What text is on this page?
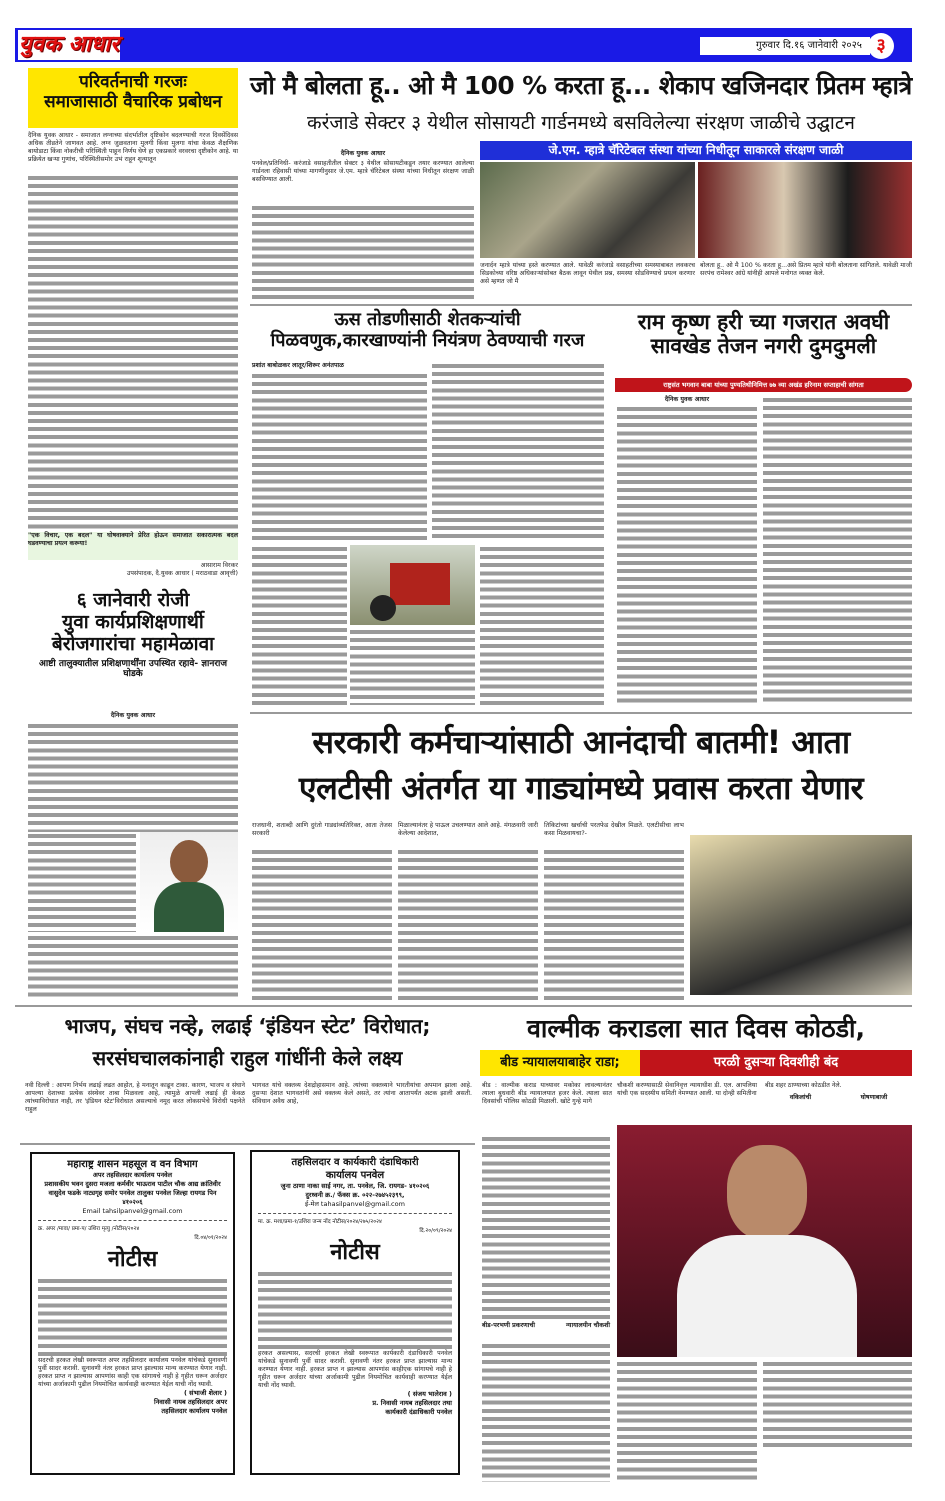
युवक आधार	गुरुवार दि.१६ जानेवारी २०२५ ३
परिवर्तनाची गरजः
समाजासाठी वैचारिक प्रबोधन
दैनिक युवक आधार - समाजात लग्नाच्या संदर्भातील दृष्टिकोन बदलण्याची गरज दिवसेंदिवस अधिक तीव्रतेने जाणवत आहे. लग्न जुळवताना मुलगी किंवा मुलगा यांचा केवळ शैक्षणिक बायोडाटा किंवा नोकरीची परिस्थिती पाहून निर्णय घेणे हा एकप्रकारे वरवरचा दृष्टीकोन आहे. या प्रक्रियेत खऱ्या गुणांच, परिस्थितीसमोर उभं राहून शून्यातून
"एक विचार, एक बदल" या घोषवाक्याने प्रेरित होऊन समाजात सकारात्मक बदल घडवण्याचा प्रयत्न करूया!
आसाराम विरकर
उपसंपादक, दै.युवक आधार ( मराठवाडा आवृत्ती)
६ जानेवारी रोजी
युवा कार्यप्रशिक्षणार्थी
बेरोजगारांचा महामेळावा
आष्टी तालुक्यातील प्रशिक्षणार्थींना उपस्थित रहावे- ज्ञानराज घोडके
दैनिक युवक आधार
जो मै बोलता हू.. ओ मै 100 % करता हू... शेकाप खजिनदार प्रितम म्हात्रे
करंजाडे सेक्टर ३ येथील सोसायटी गार्डनमध्ये बसविलेल्या संरक्षण जाळीचे उद्घाटन
जे.एम. म्हात्रे चॅरिटेबल संस्था यांच्या निधीतून साकारले संरक्षण जाळी
दैनिक युवक आधार
पनवेल/प्रतिनिधी- करंजाडे वसाहतीतील सेक्टर ३ येथील सोसायटीकडून तयार करण्यात आलेल्या गार्डनला रहिवासी यांच्या मागणीनुसार जे.एम. म्हात्रे चॅरिटेबल संस्था यांच्या निधीतून संरक्षण जाळी बसविण्यात आली.
जनार्दन म्हात्रे यांच्या हस्ते करण्यात आले. यावेळी करंजाडे वसाहतीच्या समस्याबाबत लवकरच सिडकोच्या वरिष्ठ अधिकाऱ्यांसोबत बैठक लावून येथील प्रश्न, समस्या सोडविण्याचे प्रयत्न करणार असे म्हणत जो मै
बोलता हू.. ओ मै 100 % करता हू...असे प्रितम म्हात्रे यांनी बोलताना सांगितले. यावेळी माजी सरपंच रामेश्वर आंग्रे यांनीही आपले मनोगत व्यक्त केले.
ऊस तोडणीसाठी शेतकऱ्यांची
पिळवणुक,कारखाण्यांनी नियंत्रण ठेवण्याची गरज
प्रशांत बाबोळकर लातूर/शिरूर अनंतपाळ
राम कृष्ण हरी च्या गजरात अवघी
सावखेड तेजन नगरी दुमदुमली
राष्ट्रसंत भगवान बाबा यांच्या पुण्यतिथीनिमित्त ७७ व्या अखंड हरिनाम सप्ताहाची सांगता
दैनिक युवक आधार
सरकारी कर्मचाऱ्यांसाठी आनंदाची बातमी! आता
एलटीसी अंतर्गत या गाड्यांमध्ये प्रवास करता येणार
राजधानी, शताब्दी आणि दुरंतो गाड्यांव्यतिरिक्त, आता तेजस सरकारी
मिळाल्यानंतर हे पाऊल उचलण्यात आले आहे. मंगळवारी जारी केलेल्या आदेशात,
तिकिटांच्या खर्चाची परतफेड देखील मिळते. एलटीसीचा लाभ कसा मिळवायचा?-
भाजप, संघच नव्हे, लढाई ‘इंडियन स्टेट’ विरोधात;
सरसंघचालकांनाही राहुल गांधींनी केले लक्ष्य
नवी दिल्ली : आपण निर्भय लढाई लढत आहोत, हे मनातून काढून टाका. कारण, भाजप व संघाने आपल्या देशाच्या प्रत्येक संस्थेवर ताबा मिळवला आहे, त्यामुळे आपली लढाई ही केवळ त्यांच्याविरोधात नाही, तर 'इंडियन स्टेट'विरोधात असल्याचे नमूद करत लोकसभेचे विरोधी पक्षनेते राहुल
भागवत यांचे वक्तव्य देशद्रोहासमान आहे. त्यांच्या वक्तव्याने भारतीयांचा अपमान झाला आहे. दुसऱ्या देशात भागवतांनी असे वक्तव्य केले असते, तर त्यांना आतापर्यंत अटक झाली असती. संविधान अवैध आहे,
वाल्मीक कराडला सात दिवस कोठडी,
बीड न्यायालयाबाहेर राडा;	परळी दुसऱ्या दिवशीही बंद
बीड : वाल्मीक कराड याच्यावर मकोका लावल्यानंतर त्याला बुधवारी बीड न्यायालयात हजर केले. त्याला सात दिवसांची पोलिस कोठडी मिळाली. खोटे गुन्हे मागे
चौकशी करण्यासाठी सेवानिवृत्त न्यायाधीश डी. एल. आपलिया यांची एक सदस्यीय समिती नेमण्यात आली. या दोन्ही समितीना
बीड शहर ठाण्याच्या कोठडीत नेले.
वकिलांची	घोषणाबाजी
बीड-परभणी प्रकरणाची	न्यायालयीन चौकशी
महाराष्ट्र शासन महसूल व वन विभाग
अपर तहसिलदार कार्यालय पनवेल
प्रशासकीय भवन दुसरा मजला कर्मवीर भाऊराव पाटील चौक आद्य क्रांतिवीर वासुदेव फडके नाट्यगृह समोर पनवेल तालुका पनवेल जिल्हा रायगड पिन ४१०२०६
Email tahsilpanvel@gmail.com
क्र. अपर /मावा/ प्रमा-प/ उशिरा मृत्यु /नोटीस/२०२४
दि.०४/०१/२०२४
नोटीस
सदरची हरकत लेखी स्वरूपात अपर तहसिलदार कार्यालय पनवेल यांचेकडे सुनावणी पुर्वी सादर करावी. सुनावणी नंतर हरकत प्राप्त झाल्यास मान्य करण्यात येणार नाही. हरकत प्राप्त न झाल्यास आपणांस काही एक सांगायचे नाही हे गृहीत धरून अर्जदार यांच्या अर्जाकामी पुढील नियमोचित कार्यवाही करण्यात येईल याची नोंद घ्यावी.
( संभाजी शेलार )
निवासी नायब तहसिलदार अपर
तहसिलदार कार्यालय पनवेल
तहसिलदार व कार्यकारी दंडाधिकारी
कार्यालय पनवेल
जुना ठाणा नाका साई नगर, ता. पनवेल, जि. रायगड- ४१०२०६
दुरध्वनी क्र./ फॅक्स क्र. ०२२-२७४५२३९९,
ई-मेल tahasilpanvel@gmail.com
मा. क्र. मशा/प्रमा-१/उशिरा जन्म नोंद नोटीस/२०२४/२७५/२०२४
दि.२०/०९/२०२४
नोटीस
हरकत असल्यास, सदरची हरकत लेखी स्वरूपात कार्यकारी दंडाधिकारी पनवेल यांचेकडे सुनावणी पुर्वी सादर करावी. सुनावणी नंतर हरकत प्राप्त झाल्यास मान्य करण्यात येणार नाही. हरकत प्राप्त न झाल्यास आपणांस काहीएक सांगायचे नाही हे गृहीत धरून अर्जदार यांच्या अर्जाकामी पुढील नियमोचित कार्यवाही करण्यात येईल याची नोंद घ्यावी.
( संजय भालेराव )
प्र. निवासी नायब तहसिलदार तथा
कार्यकारी दंडाधिकारी पनवेल
